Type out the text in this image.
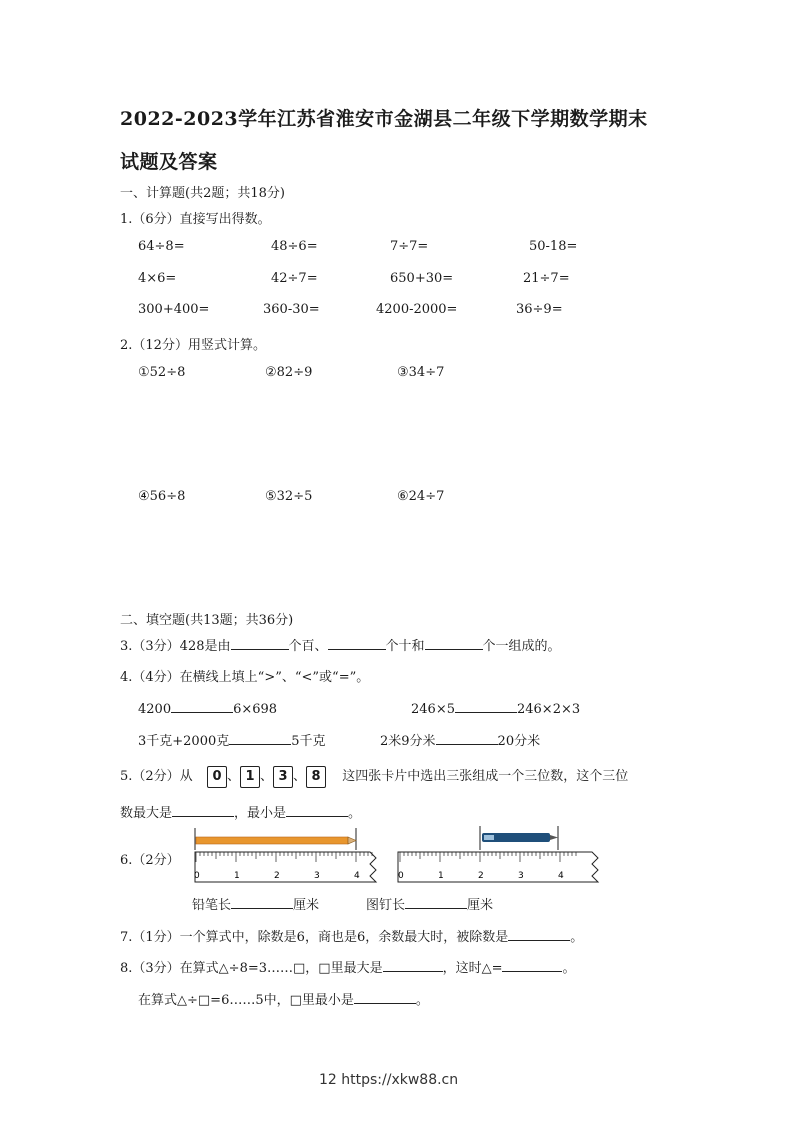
2022-2023学年江苏省淮安市金湖县二年级下学期数学期末
试题及答案
一、计算题(共2题；共18分)
1.（6分）直接写出得数。
64÷8=	48÷6=	7÷7=	50-18=
4×6=	42÷7=	650+30=	21÷7=
300+400=	360-30=	4200-2000=	36÷9=
2.（12分）用竖式计算。
①52÷8	②82÷9	③34÷7
④56÷8	⑤32÷5	⑥24÷7
二、填空题(共13题；共36分)
3.（3分）428是由	个百、	个十和	个一组成的。
4.（4分）在横线上填上“>”、“<”或“=”。
4200	6×698	246×5	246×2×3
3千克+2000克	5千克	2米9分米	20分米
5.（2分）从 0 、 1 、 3 、 8 这四张卡片中选出三张组成一个三位数，这个三位
数最大是	，最小是	。
6.（2分）
0	1	2	3	4	0	1	2	3	4
铅笔长	厘米	图钉长	厘米
7.（1分）一个算式中，除数是6，商也是6，余数最大时，被除数是	。
8.（3分）在算式△÷8=3……□，□里最大是	，这时△=	。
在算式△÷□=6……5中，□里最小是	。
12 https://xkw88.cn
